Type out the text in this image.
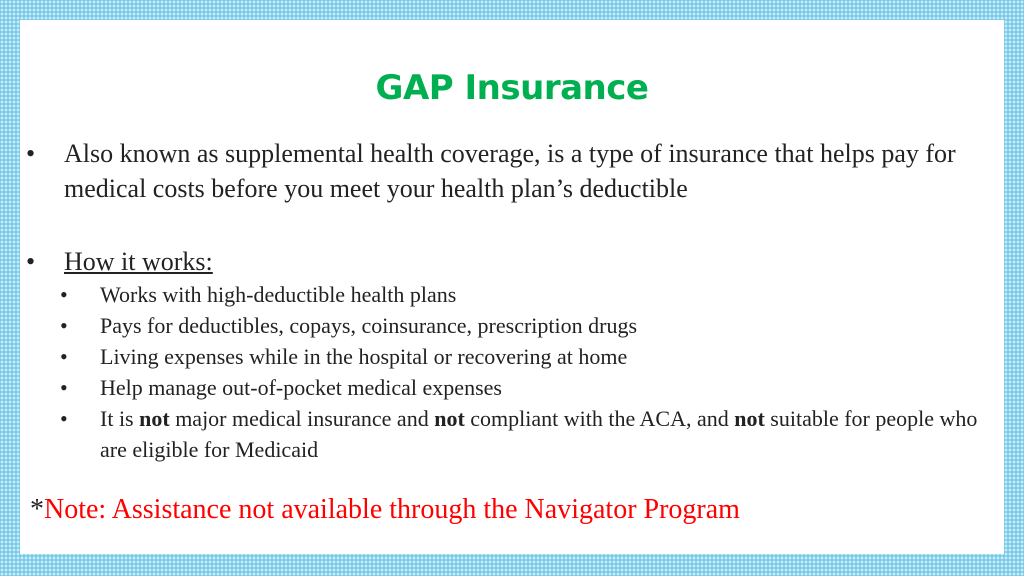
GAP Insurance
•	Also known as supplemental health coverage, is a type of insurance that helps pay for medical costs before you meet your health plan’s deductible
•	How it works:
•	Works with high-deductible health plans
•	Pays for deductibles, copays, coinsurance, prescription drugs
•	Living expenses while in the hospital or recovering at home
•	Help manage out-of-pocket medical expenses
•	It is not major medical insurance and not compliant with the ACA, and not suitable for people who are eligible for Medicaid
*Note: Assistance not available through the Navigator Program
